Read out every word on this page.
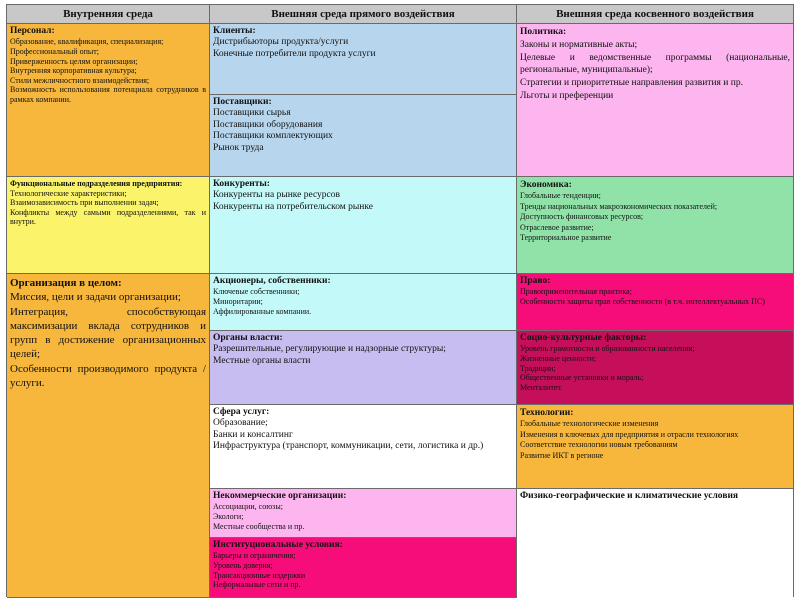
Внутренняя среда	Внешняя среда прямого воздействия	Внешняя среда косвенного воздействия
Персонал:
Образование, квалификация, специализация;
Профессиональный опыт;
Приверженность целям организации;
Внутренняя корпоративная культура;
Стили межличностного взаимодействия;
Возможность использования потенциала сотрудников в рамках компании.
Функциональные подразделения предприятия:
Технологические характеристики;
Взаимозависимость при выполнении задач;
Конфликты между самыми подразделениями, так и внутри.
Организация в целом:
Миссия, цели и задачи организации;
Интеграция, способствующая максимизации вклада сотрудников и групп в достижение организационных целей;
Особенности производимого продукта / услуги.
Клиенты:
Дистрибьюторы продукта/услуги
Конечные потребители продукта услуги
Поставщики:
Поставщики сырья
Поставщики оборудования
Поставщики комплектующих
Рынок труда
Конкуренты:
Конкуренты на рынке ресурсов
Конкуренты на потребительском рынке
Акционеры, собственники:
Ключевые собственники;
Миноритарии;
Аффилированные компании.
Органы власти:
Разрешительные, регулирующие и надзорные структуры;
Местные органы власти
Сфера услуг:
Образование;
Банки и консалтинг
Инфраструктура (транспорт, коммуникации, сети, логистика и др.)
Некоммерческие организации:
Ассоциации, союзы;
Экологи;
Местные сообщества и пр.
Институциональные условия:
Барьеры и ограничения;
Уровень доверия;
Трансакционные издержки
Неформальные сети и пр.
Политика:
Законы и нормативные акты;
Целевые и ведомственные программы (национальные, региональные, муниципальные);
Стратегии и приоритетные направления развития и пр.
Льготы и преференции
Экономика:
Глобальные тенденции;
Тренды национальных макроэкономических показателей;
Доступность финансовых ресурсов;
Отраслевое развитие;
Территориальное развитие
Право:
Правоприменительная практика;
Особенности защиты прав собственности (в т.ч. интеллектуальных ПС)
Социо-культурные факторы:
Уровень грамотности и образованности населения;
Жизненные ценности;
Традиции;
Общественные установки и мораль;
Менталитет.
Технологии:
Глобальные технологические изменения
Изменения в ключевых для предприятия и отрасли технологиях
Соответствие технологии новым требованиям
Развитие ИКТ в регионе
Физико-географические и климатические условия
